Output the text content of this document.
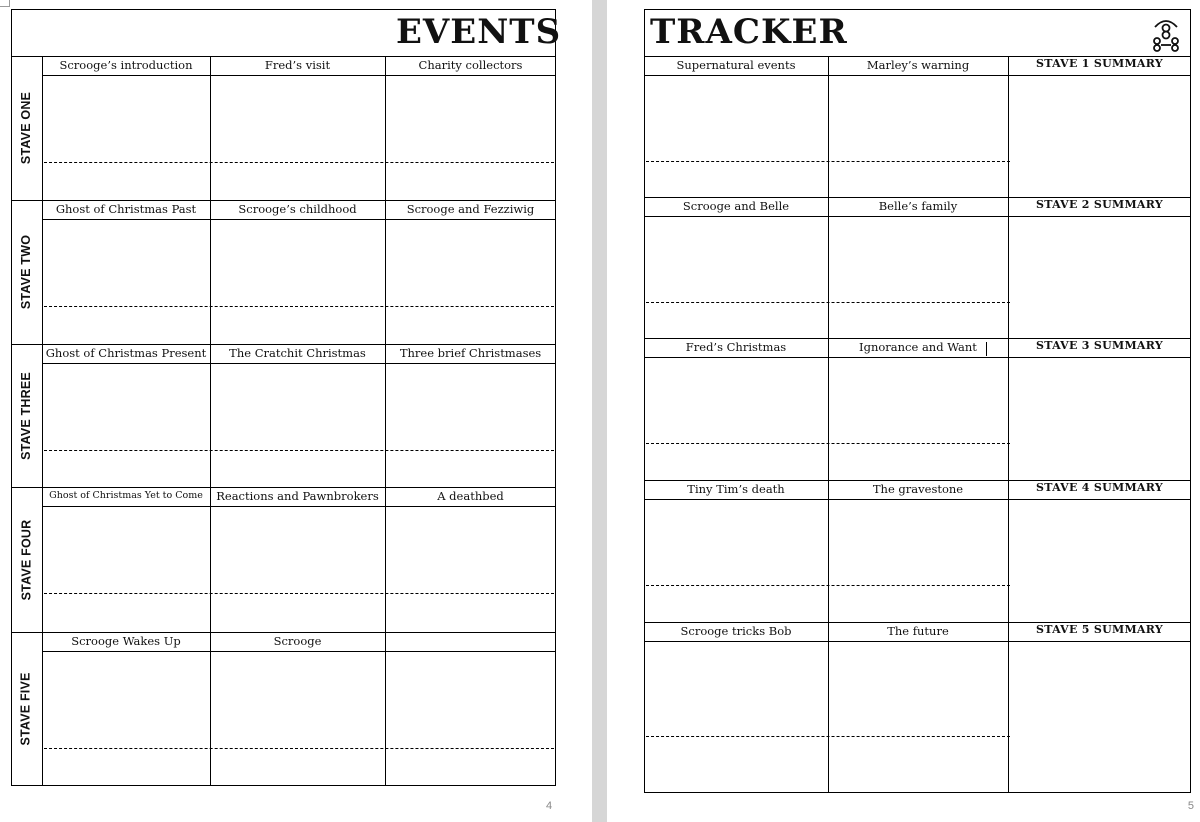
EVENTS
STAVE ONE
Scrooge’s introduction	Fred’s visit	Charity collectors
STAVE TWO
Ghost of Christmas Past	Scrooge’s childhood	Scrooge and Fezziwig
STAVE THREE
Ghost of Christmas Present	The Cratchit Christmas	Three brief Christmases
STAVE FOUR
Ghost of Christmas Yet to Come	Reactions and Pawnbrokers	A deathbed
STAVE FIVE
Scrooge Wakes Up	Scrooge
4
TRACKER
Supernatural events	Marley’s warning	STAVE 1 SUMMARY
Scrooge and Belle	Belle’s family	STAVE 2 SUMMARY
Fred’s Christmas	Ignorance and Want	STAVE 3 SUMMARY
Tiny Tim’s death	The gravestone	STAVE 4 SUMMARY
Scrooge tricks Bob	The future	STAVE 5 SUMMARY
5
